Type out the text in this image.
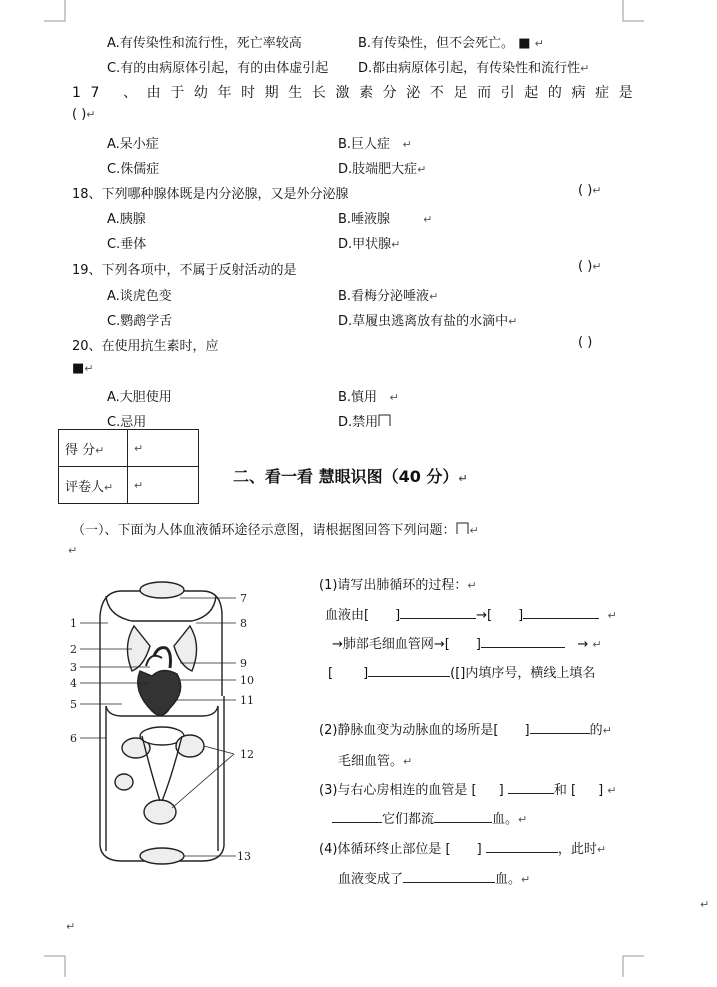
A.有传染性和流行性，死亡率较高	B.有传染性，但不会死亡。 ■ ↵
C.有的由病原体引起，有的由体虚引起 D.都由病原体引起，有传染性和流行性↵
17 、由于幼年时期生长激素分泌不足而引起的病症是
( )↵
A.呆小症	B.巨人症 ↵
C.侏儒症	D.肢端肥大症↵
18、下列哪种腺体既是内分泌腺，又是外分泌腺	( )↵
A.胰腺	B.唾液腺	↵
C.垂体	D.甲状腺↵
19、下列各项中，不属于反射活动的是	( )↵
A.谈虎色变	B.看梅分泌唾液↵
C.鹦鹉学舌	D.草履虫逃离放有盐的水滴中↵
20、在使用抗生素时，应	( )
■↵
A.大胆使用	B.慎用 ↵
C.忌用	D.禁用
得 分↵	↵
评卷人↵	↵	二、看一看 慧眼识图（40 分）↵
（一）、下面为人体血液循环途径示意图，请根据图回答下列问题： ↵
↵
1
2
3
4
5
6
7
8
9
10
11
12
13
(1)请写出肺循环的过程：↵
血液由[ ]	→[ ]	↵
→肺部毛细血管网→[ ]	→ ↵
[ ]	([]内填序号，横线上填名
(2)静脉血变为动脉血的场所是[ ]	的↵
毛细血管。↵
(3)与右心房相连的血管是 [ ]	和 [ ] ↵
它们都流	血。↵
(4)体循环终止部位是 [ ]	，此时↵
血液变成了	血。↵
↵
↵
